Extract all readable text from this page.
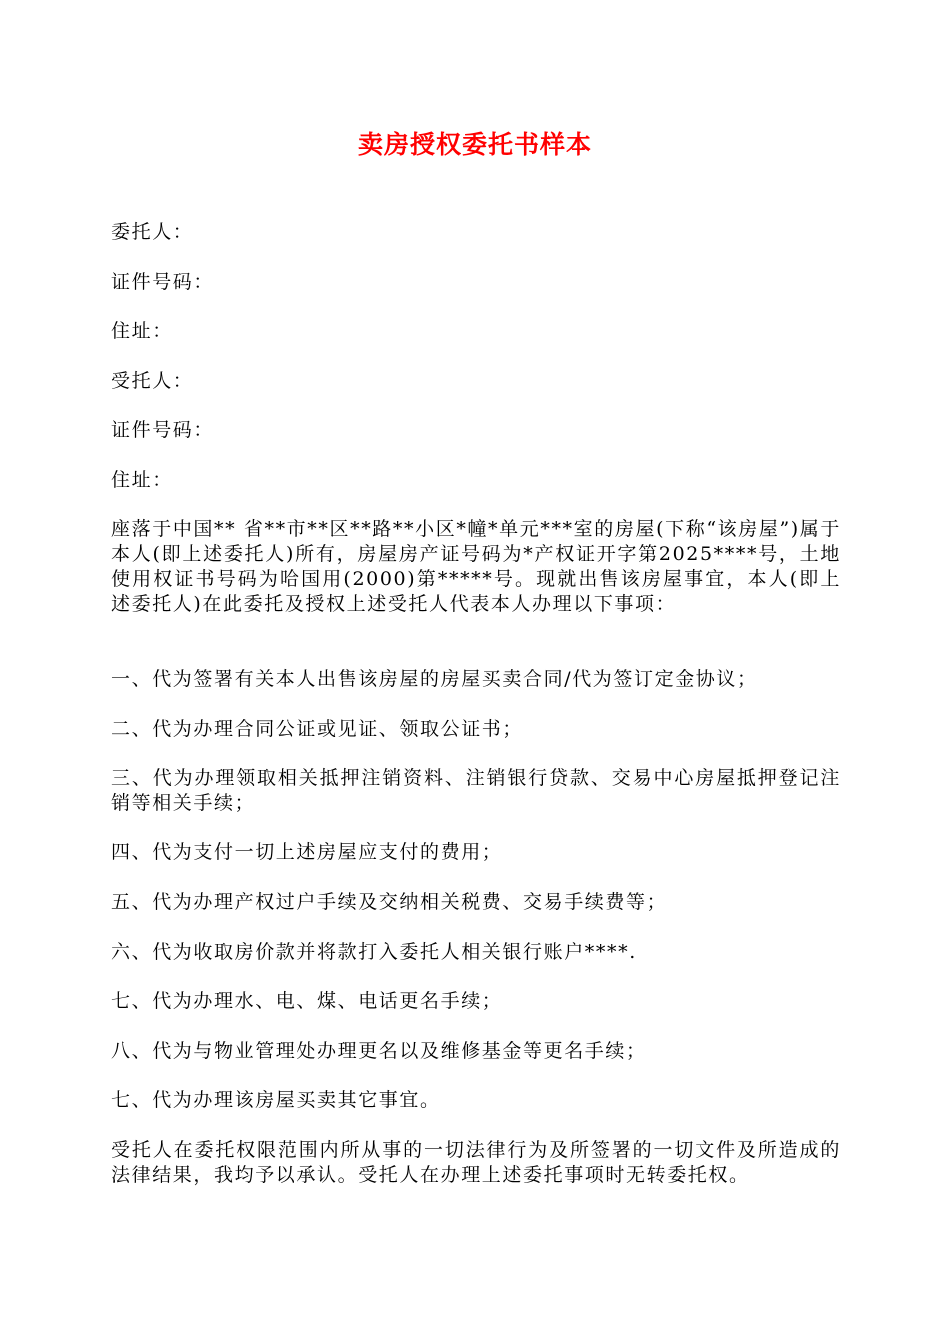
卖房授权委托书样本
委托人：
证件号码：
住址：
受托人：
证件号码：
住址：
座落于中国** 省**市**区**路**小区*幢*单元***室的房屋(下称“该房屋”)属于本人(即上述委托人)所有，房屋房产证号码为*产权证开字第2025****号，土地使用权证书号码为哈国用(2000)第*****号。现就出售该房屋事宜，本人(即上述委托人)在此委托及授权上述受托人代表本人办理以下事项：
一、代为签署有关本人出售该房屋的房屋买卖合同/代为签订定金协议；
二、代为办理合同公证或见证、领取公证书；
三、代为办理领取相关抵押注销资料、注销银行贷款、交易中心房屋抵押登记注销等相关手续；
四、代为支付一切上述房屋应支付的费用；
五、代为办理产权过户手续及交纳相关税费、交易手续费等；
六、代为收取房价款并将款打入委托人相关银行账户****.
七、代为办理水、电、煤、电话更名手续；
八、代为与物业管理处办理更名以及维修基金等更名手续；
七、代为办理该房屋买卖其它事宜。
受托人在委托权限范围内所从事的一切法律行为及所签署的一切文件及所造成的法律结果，我均予以承认。受托人在办理上述委托事项时无转委托权。
